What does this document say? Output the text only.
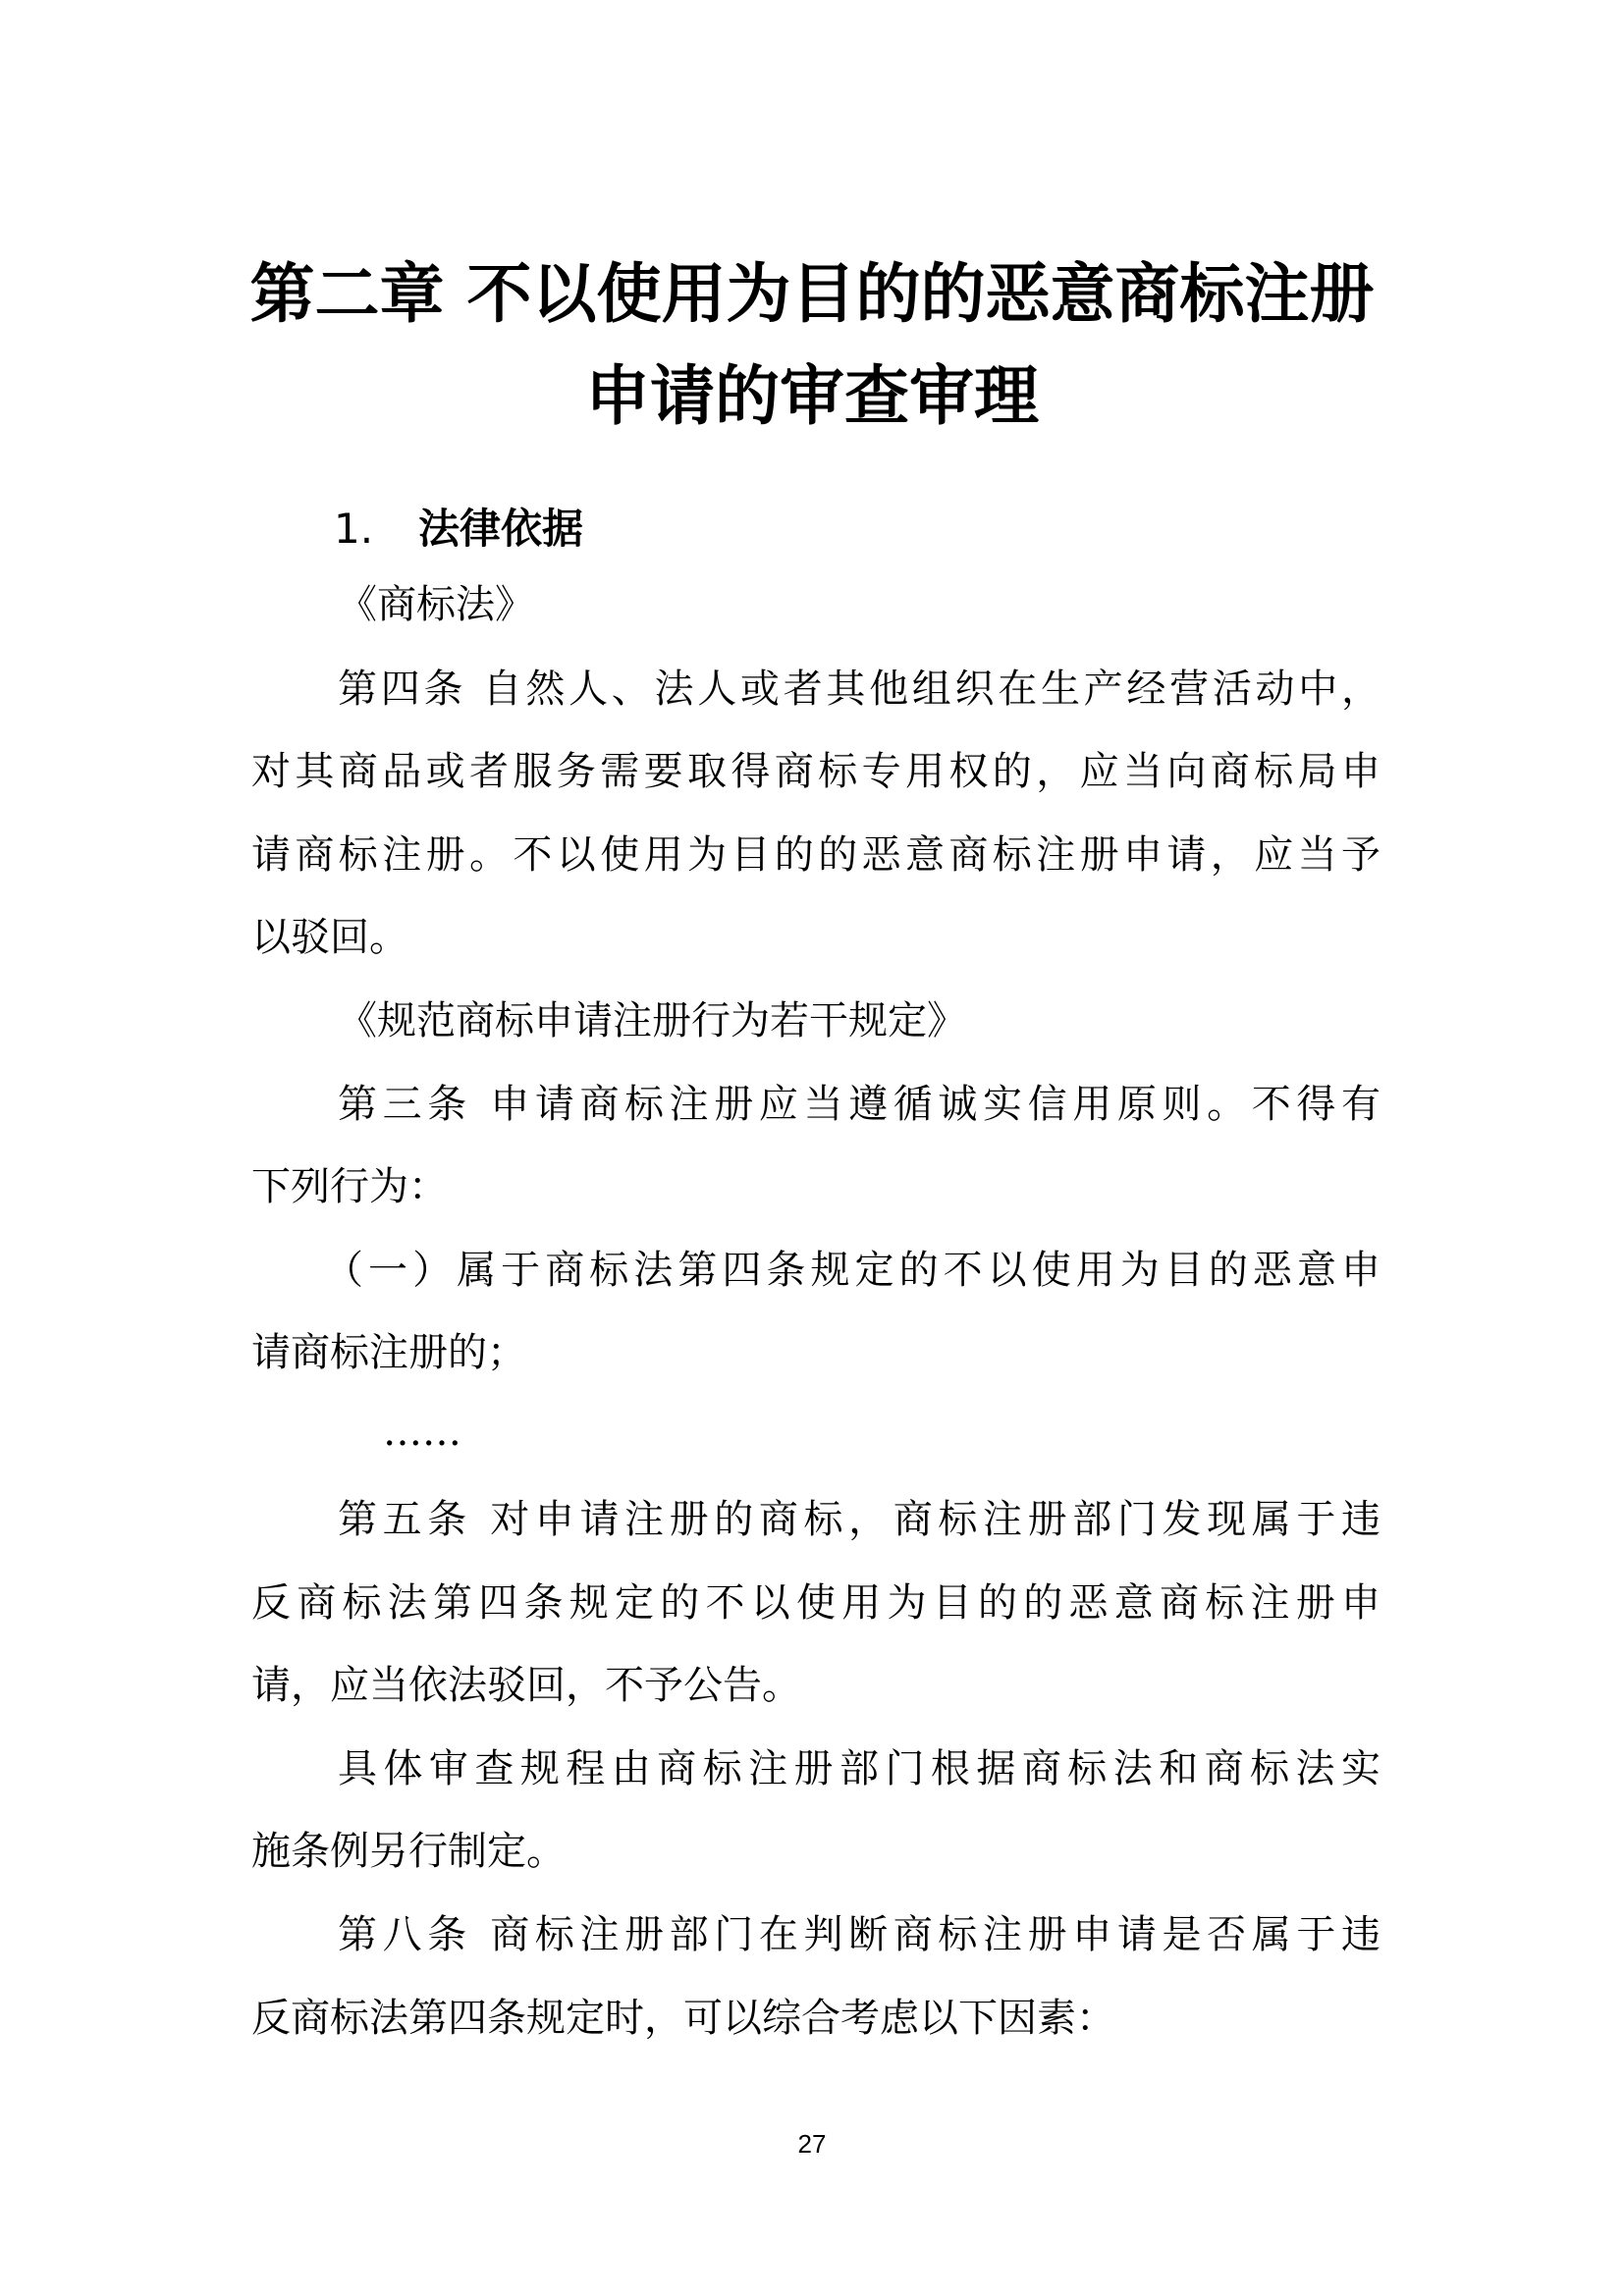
第二章 不以使用为目的的恶意商标注册
申请的审查审理
1. 法律依据

《商标法》

第四条 自然人、法人或者其他组织在生产经营活动中，

对其商品或者服务需要取得商标专用权的，应当向商标局申

请商标注册。不以使用为目的的恶意商标注册申请，应当予

以驳回。

《规范商标申请注册行为若干规定》

第三条 申请商标注册应当遵循诚实信用原则。不得有

下列行为：

（一）属于商标法第四条规定的不以使用为目的恶意申

请商标注册的；

……

第五条 对申请注册的商标，商标注册部门发现属于违

反商标法第四条规定的不以使用为目的的恶意商标注册申

请，应当依法驳回，不予公告。

具体审查规程由商标注册部门根据商标法和商标法实

施条例另行制定。

第八条 商标注册部门在判断商标注册申请是否属于违

反商标法第四条规定时，可以综合考虑以下因素：

27
